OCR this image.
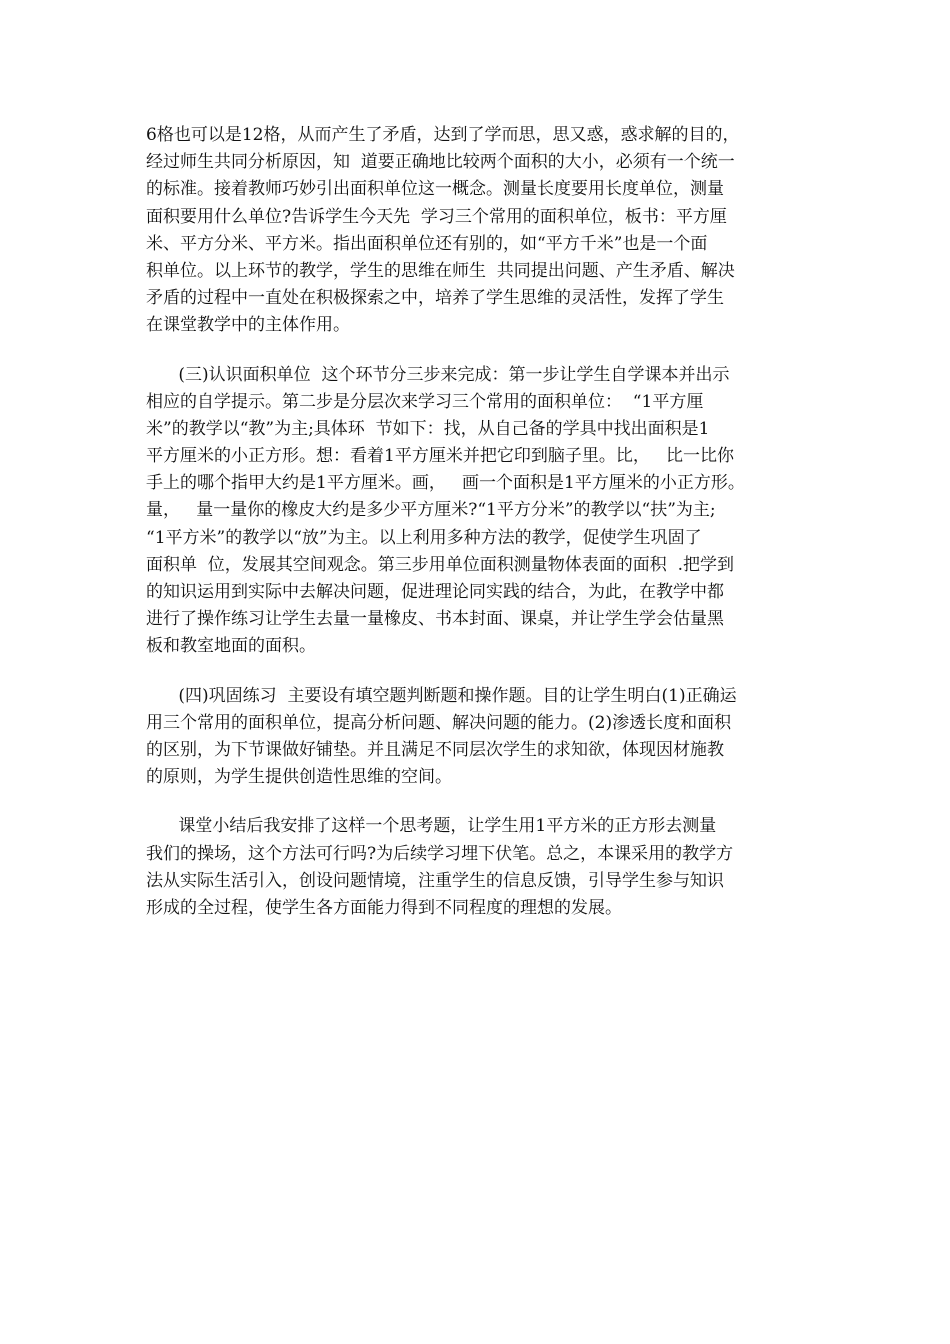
6格也可以是12格，从而产生了矛盾，达到了学而思，思又惑，惑求解的目的，
经过师生共同分析原因，知  道要正确地比较两个面积的大小，必须有一个统一
的标准。接着教师巧妙引出面积单位这一概念。测量长度要用长度单位，测量
面积要用什么单位?告诉学生今天先  学习三个常用的面积单位，板书：平方厘
米、平方分米、平方米。指出面积单位还有别的，如“平方千米”也是一个面
积单位。以上环节的教学，学生的思维在师生  共同提出问题、产生矛盾、解决
矛盾的过程中一直处在积极探索之中，培养了学生思维的灵活性，发挥了学生
在课堂教学中的主体作用。
(三)认识面积单位  这个环节分三步来完成：第一步让学生自学课本并出示
相应的自学提示。第二步是分层次来学习三个常用的面积单位：  “1平方厘
米”的教学以“教”为主;具体环  节如下：找，从自己备的学具中找出面积是1
平方厘米的小正方形。想：看着1平方厘米并把它印到脑子里。比，   比一比你
手上的哪个指甲大约是1平方厘米。画，   画一个面积是1平方厘米的小正方形。
量，   量一量你的橡皮大约是多少平方厘米?“1平方分米”的教学以“扶”为主;
“1平方米”的教学以“放”为主。以上利用多种方法的教学，促使学生巩固了
面积单  位，发展其空间观念。第三步用单位面积测量物体表面的面积  .把学到
的知识运用到实际中去解决问题，促进理论同实践的结合，为此，在教学中都
进行了操作练习让学生去量一量橡皮、书本封面、课桌，并让学生学会估量黑
板和教室地面的面积。
(四)巩固练习  主要设有填空题判断题和操作题。目的让学生明白(1)正确运
用三个常用的面积单位，提高分析问题、解决问题的能力。(2)渗透长度和面积
的区别，为下节课做好铺垫。并且满足不同层次学生的求知欲，体现因材施教
的原则，为学生提供创造性思维的空间。
课堂小结后我安排了这样一个思考题，让学生用1平方米的正方形去测量
我们的操场，这个方法可行吗?为后续学习埋下伏笔。总之，本课采用的教学方
法从实际生活引入，创设问题情境，注重学生的信息反馈，引导学生参与知识
形成的全过程，使学生各方面能力得到不同程度的理想的发展。
